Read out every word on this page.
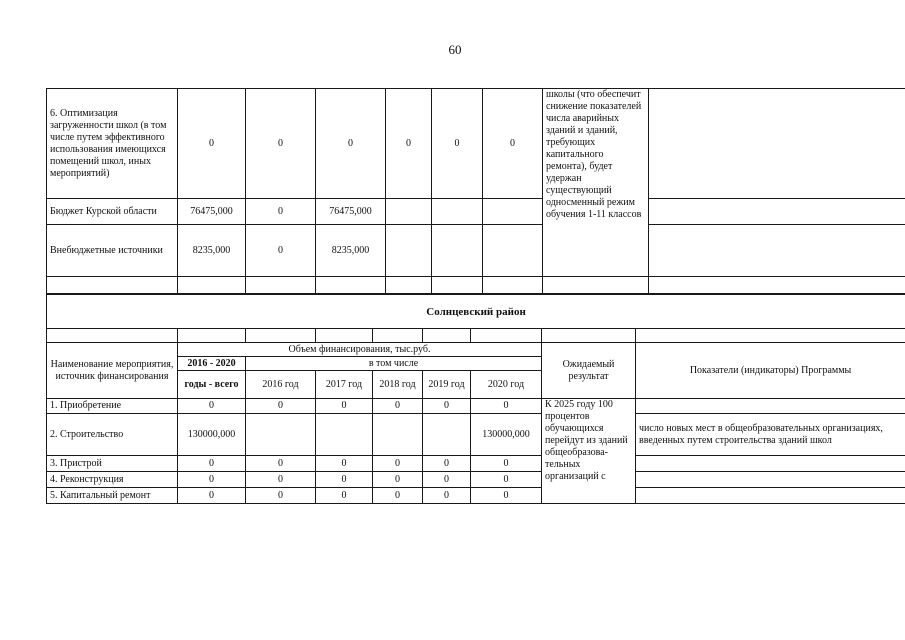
60
6. Оптимизация загруженности школ (в том числе путем эффективного использования имеющихся помещений школ, иных мероприятий)	0	0	0	0	0	0	школы (что обеспечит снижение показателей числа аварийных зданий и зданий, требующих капитального ремонта), будет удержан существующий односменный режим обучения 1-11 классов	
Бюджет Курской области	76475,000	0	76475,000					
Внебюджетные источники	8235,000	0	8235,000					

Солнцевский район								

Наименование мероприятия, источник финансирования	Объем финансирования, тыс.руб.						Ожидаемый результат	Показатели (индикаторы) Программы
	2016 - 2020	в том числе						
	годы - всего	2016 год	2017 год	2018 год	2019 год	2020 год		
1. Приобретение	0	0	0	0	0	0	К 2025 году 100 процентов обучающихся перейдут из зданий общеобразова-тельных организаций с	
2. Строительство	130000,000					130000,000		число новых мест в общеобразовательных организациях, введенных путем строительства зданий школ
3. Пристрой	0	0	0	0	0	0		
4. Реконструкция	0	0	0	0	0	0		
5. Капитальный ремонт	0	0	0	0	0	0		
